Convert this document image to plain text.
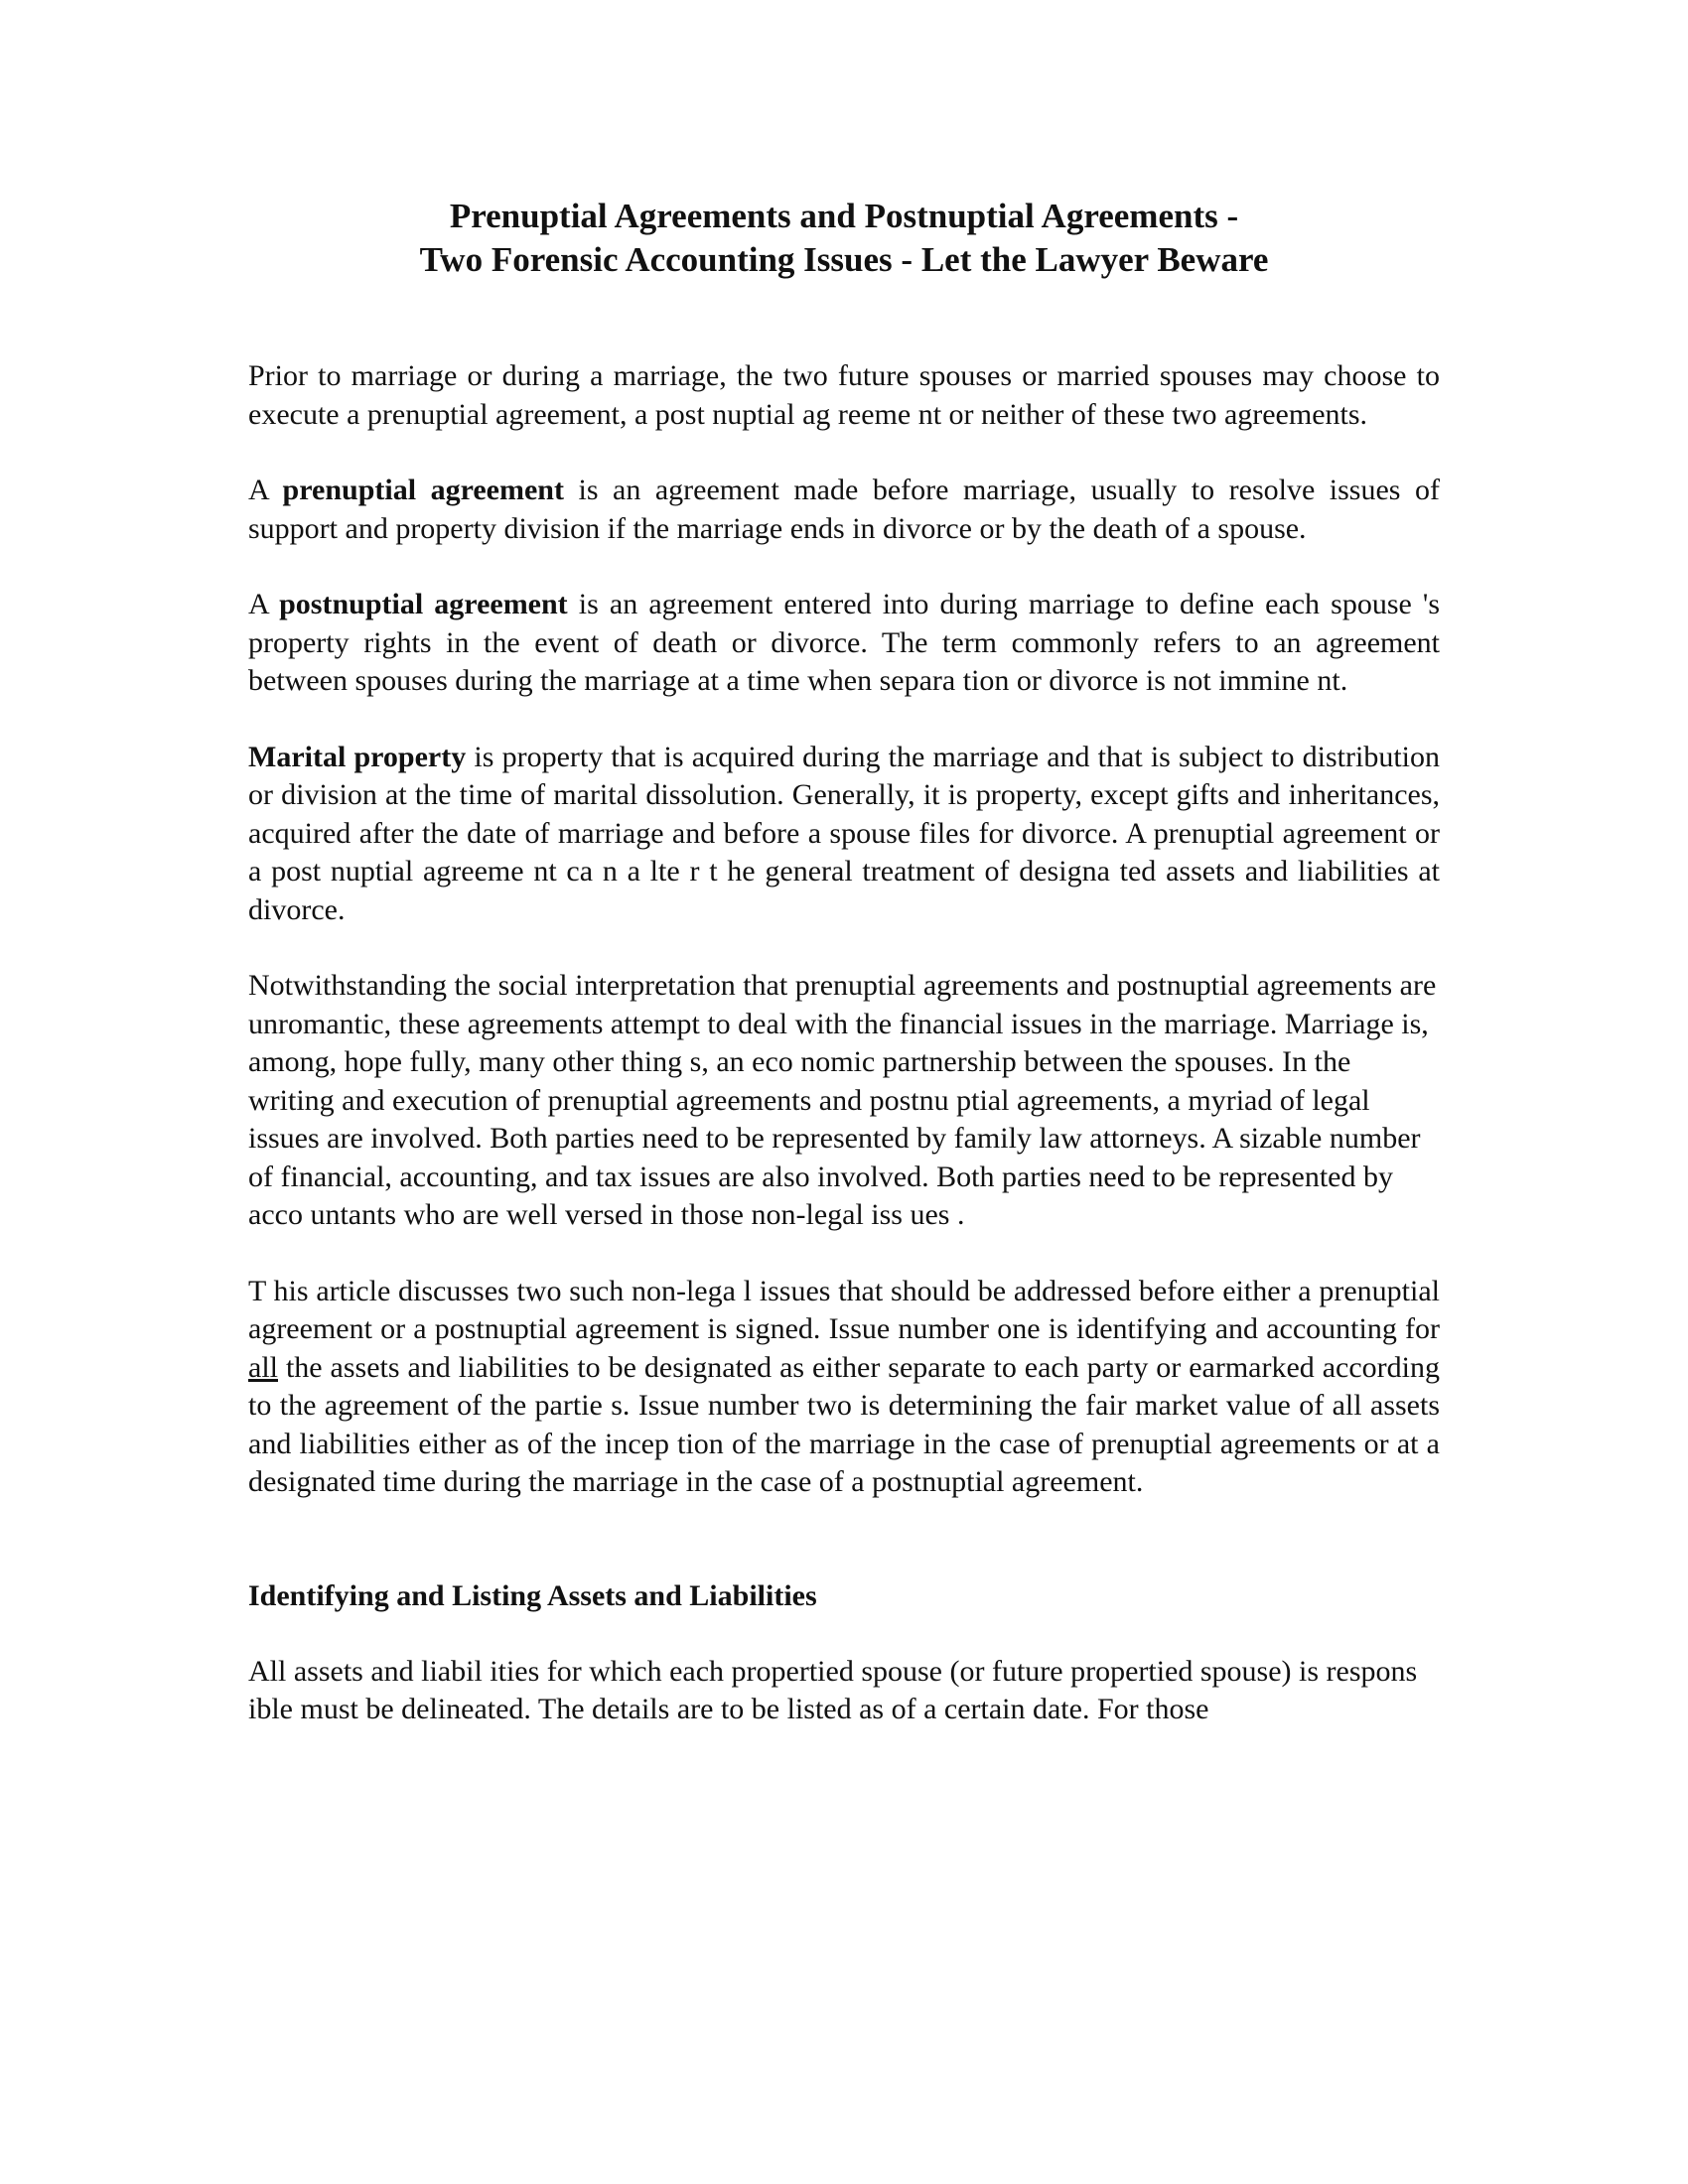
Prenuptial Agreements and Postnuptial Agreements -
Two Forensic Accounting Issues - Let the Lawyer Beware

Prior to marriage or during a marriage, the two future spouses or married spouses may choose to execute a prenuptial agreement, a post nuptial ag reeme nt or neither of these two agreements.

A prenuptial agreement is an agreement made before marriage, usually to resolve issues of support and property division if the marriage ends in divorce or by the death of a spouse.

A postnuptial agreement is an agreement entered into during marriage to define each spouse 's property rights in the event of death or divorce. The term commonly refers to an agreement between spouses during the marriage at a time when separa tion or divorce is not immine nt.

Marital property is property that is acquired during the marriage and that is subject to distribution or division at the time of marital dissolution. Generally, it is property, except gifts and inheritances, acquired after the date of marriage and before a spouse files for divorce. A prenuptial agreement or a post nuptial agreeme nt ca n a lte r t he general treatment of designa ted assets and liabilities at divorce.

Notwithstanding the social interpretation that prenuptial agreements and postnuptial agreements are unromantic, these agreements attempt to deal with the financial issues in the marriage. Marriage is, among, hope fully, many other thing s, an eco nomic partnership between the spouses. In the writing and execution of prenuptial agreements and postnu ptial agreements, a myriad of legal issues are involved. Both parties need to be represented by family law attorneys. A sizable number of financial, accounting, and tax issues are also involved. Both parties need to be represented by acco untants who are well versed in those non-legal iss ues .

T his article discusses two such non-lega l issues that should be addressed before either a prenuptial agreement or a postnuptial agreement is signed. Issue number one is identifying and accounting for all the assets and liabilities to be designated as either separate to each party or earmarked according to the agreement of the partie s. Issue number two is determining the fair market value of all assets and liabilities either as of the incep tion of the marriage in the case of prenuptial agreements or at a designated time during the marriage in the case of a postnuptial agreement.

Identifying and Listing Assets and Liabilities

All assets and liabil ities for which each propertied spouse (or future propertied spouse) is respons ible must be delineated. The details are to be listed as of a certain date. For those
